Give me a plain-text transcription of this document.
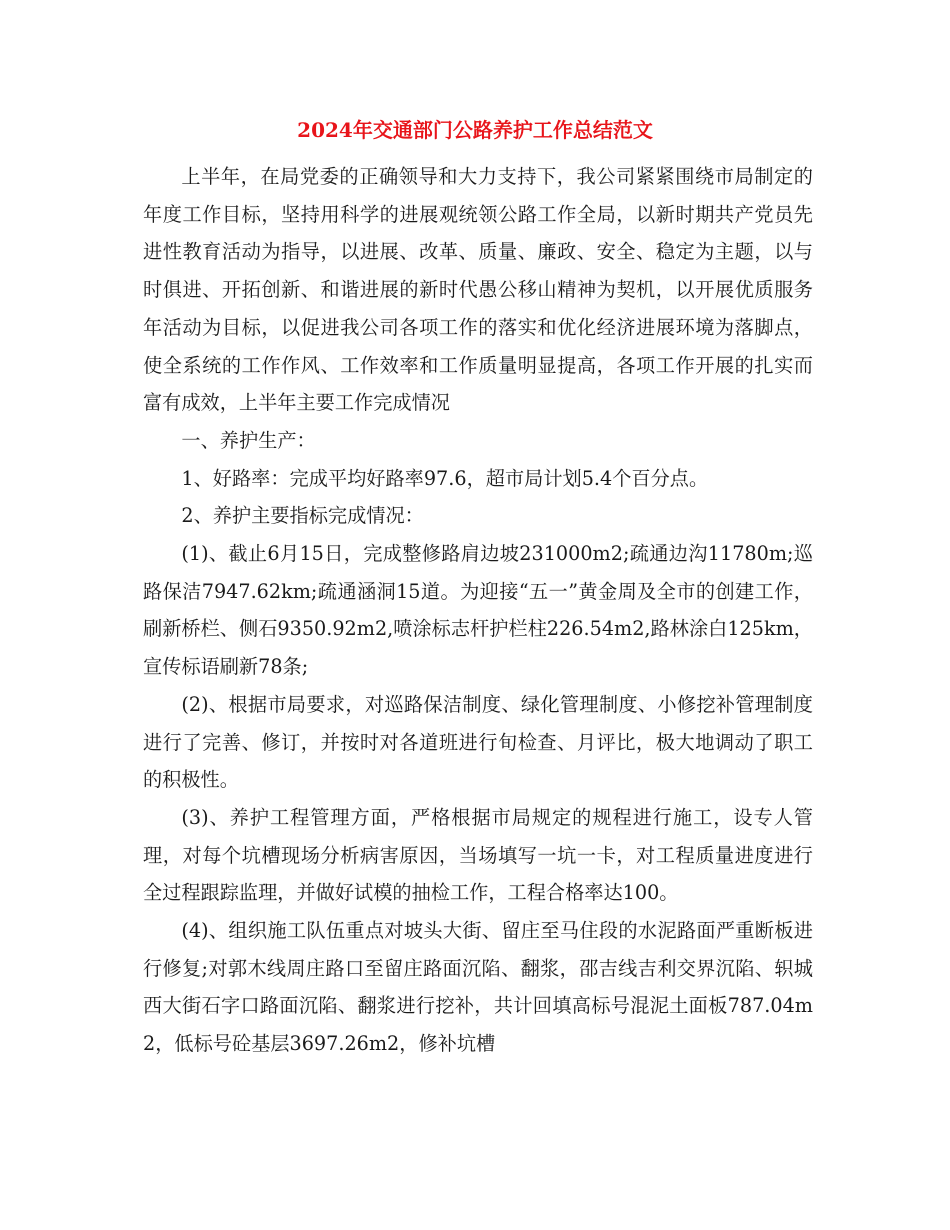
2024年交通部门公路养护工作总结范文

上半年，在局党委的正确领导和大力支持下，我公司紧紧围绕市局制定的年度工作目标，坚持用科学的进展观统领公路工作全局，以新时期共产党员先进性教育活动为指导，以进展、改革、质量、廉政、安全、稳定为主题，以与时俱进、开拓创新、和谐进展的新时代愚公移山精神为契机，以开展优质服务年活动为目标，以促进我公司各项工作的落实和优化经济进展环境为落脚点，使全系统的工作作风、工作效率和工作质量明显提高，各项工作开展的扎实而富有成效，上半年主要工作完成情况

一、养护生产：

1、好路率：完成平均好路率97.6，超市局计划5.4个百分点。

2、养护主要指标完成情况：

(1)、截止6月15日，完成整修路肩边坡231000m2;疏通边沟11780m;巡路保洁7947.62km;疏通涵洞15道。为迎接“五一”黄金周及全市的创建工作，刷新桥栏、侧石9350.92m2,喷涂标志杆护栏柱226.54m2,路林涂白125km，宣传标语刷新78条;

(2)、根据市局要求，对巡路保洁制度、绿化管理制度、小修挖补管理制度进行了完善、修订，并按时对各道班进行旬检查、月评比，极大地调动了职工的积极性。

(3)、养护工程管理方面，严格根据市局规定的规程进行施工，设专人管理，对每个坑槽现场分析病害原因，当场填写一坑一卡，对工程质量进度进行全过程跟踪监理，并做好试模的抽检工作，工程合格率达100。

(4)、组织施工队伍重点对坡头大街、留庄至马住段的水泥路面严重断板进行修复;对郭木线周庄路口至留庄路面沉陷、翻浆，邵吉线吉利交界沉陷、轵城西大街石字口路面沉陷、翻浆进行挖补，共计回填高标号混泥土面板787.04m2，低标号砼基层3697.26m2，修补坑槽
